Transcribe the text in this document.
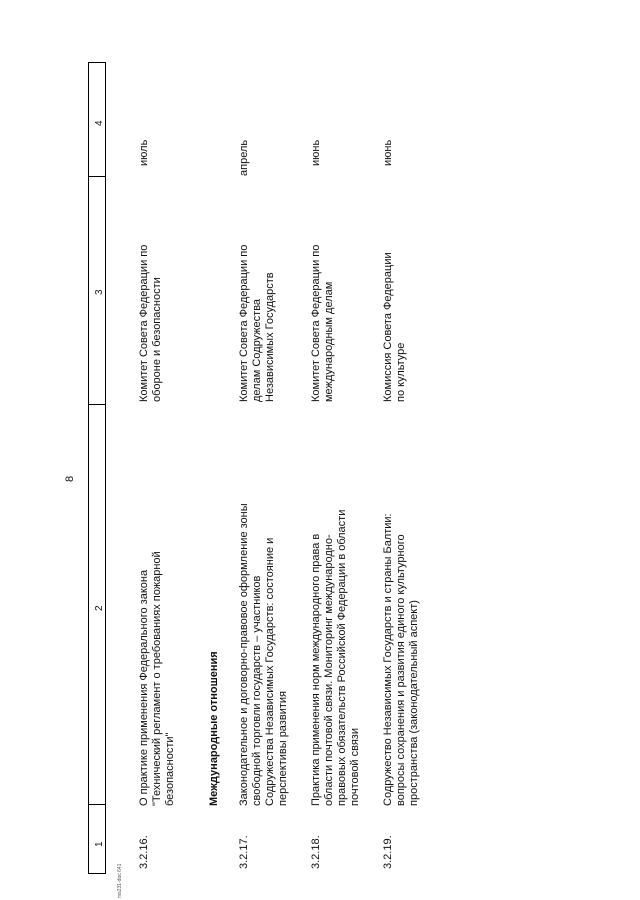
8
4
3
2
1	3.2.16.
О практике применения Федерального закона "Технический регламент о требованиях пожарной безопасности"
Комитет Совета Федерации по обороне и безопасности
июль
Международные отношения
3.2.17.
Законодательное и договорно-правовое оформление зоны свободной торговли государств – участников Содружества Независимых Государств: состояние и перспективы развития
Комитет Совета Федерации по делам Содружества Независимых Государств
апрель
3.2.18.
Практика применения норм международного права в области почтовой связи. Мониторинг международно- правовых обязательств Российской Федерации в области почтовой связи
Комитет Совета Федерации по международным делам
июнь
3.2.19.
Содружество Независимых Государств и страны Балтии: вопросы сохранения и развития единого культурного пространства (законодательный аспект)
Комиссия Совета Федерации по культуре
июнь
ms231-doc 641
